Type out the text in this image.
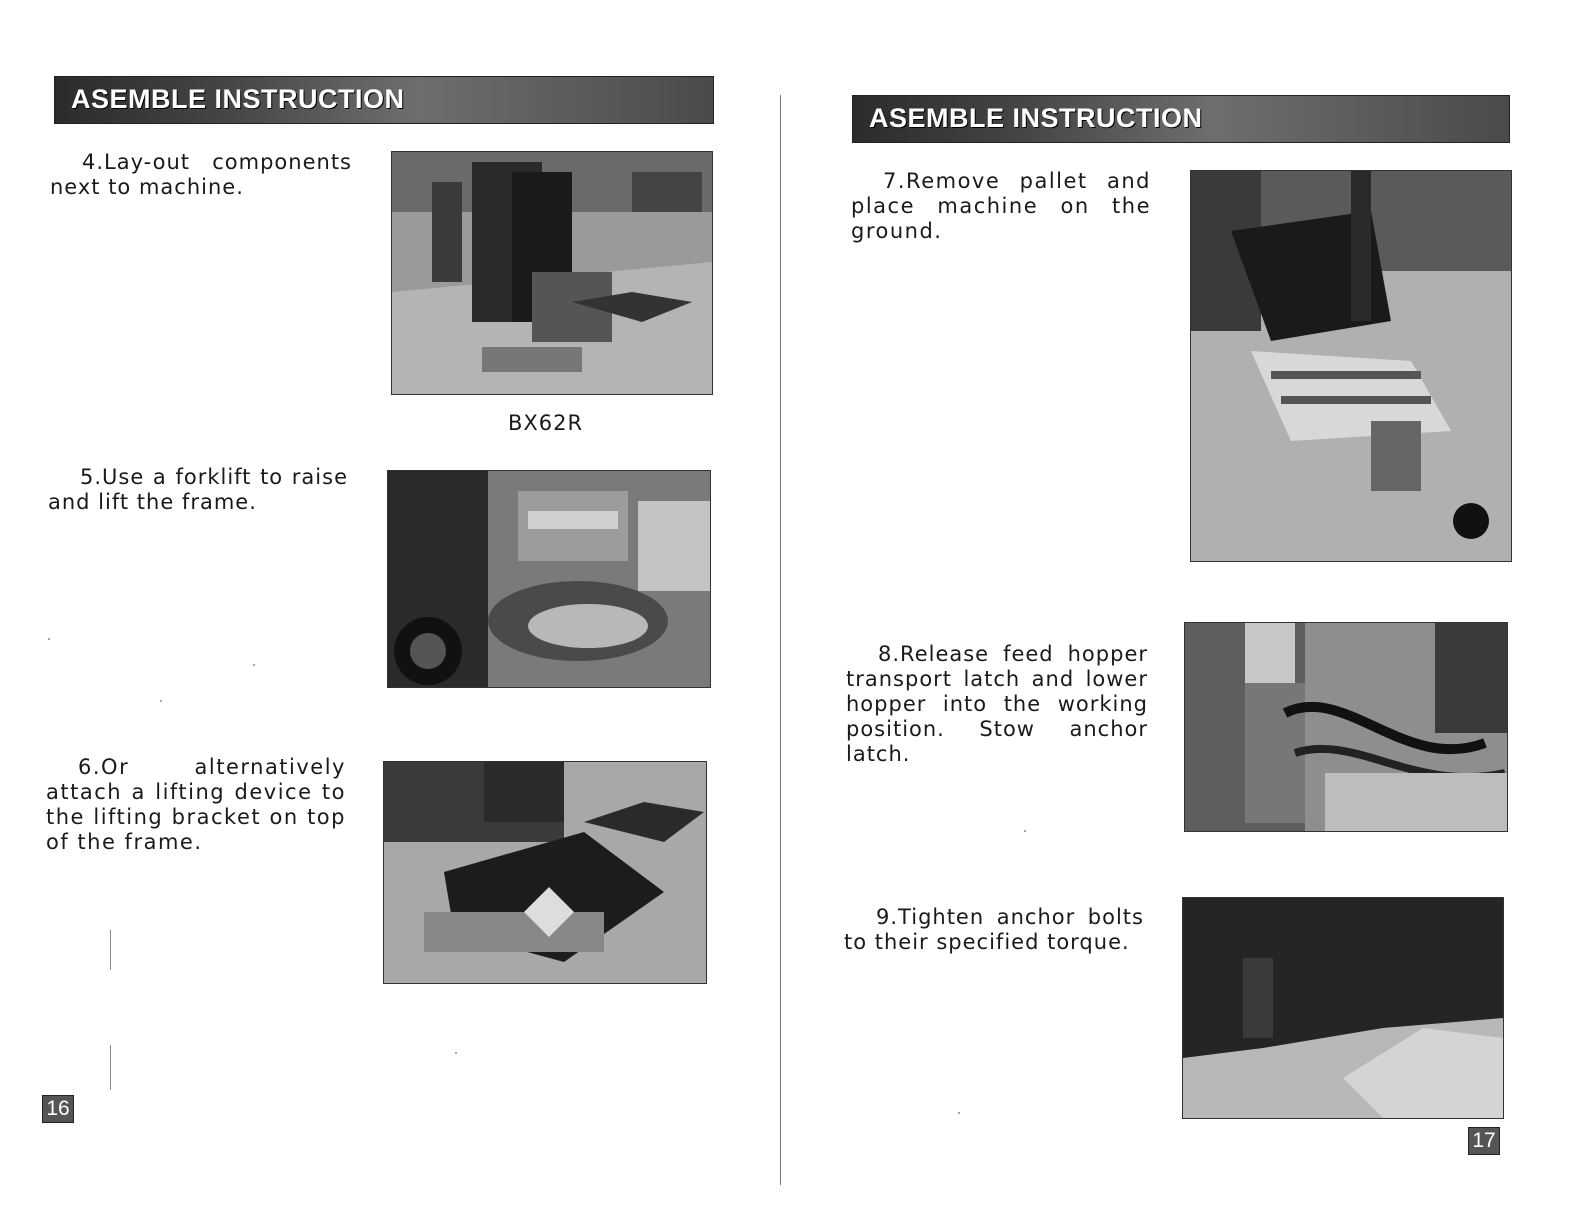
ASEMBLE INSTRUCTION
4.Lay-out components next to machine.
BX62R
5.Use a forklift to raise and lift the frame.
6.Or alternatively attach a lifting device to the lifting bracket on top of the frame.
16
ASEMBLE INSTRUCTION
7.Remove pallet and place machine on the ground.
8.Release feed hopper transport latch and lower hopper into the working position. Stow anchor latch.
9.Tighten anchor bolts to their specified torque.
17
